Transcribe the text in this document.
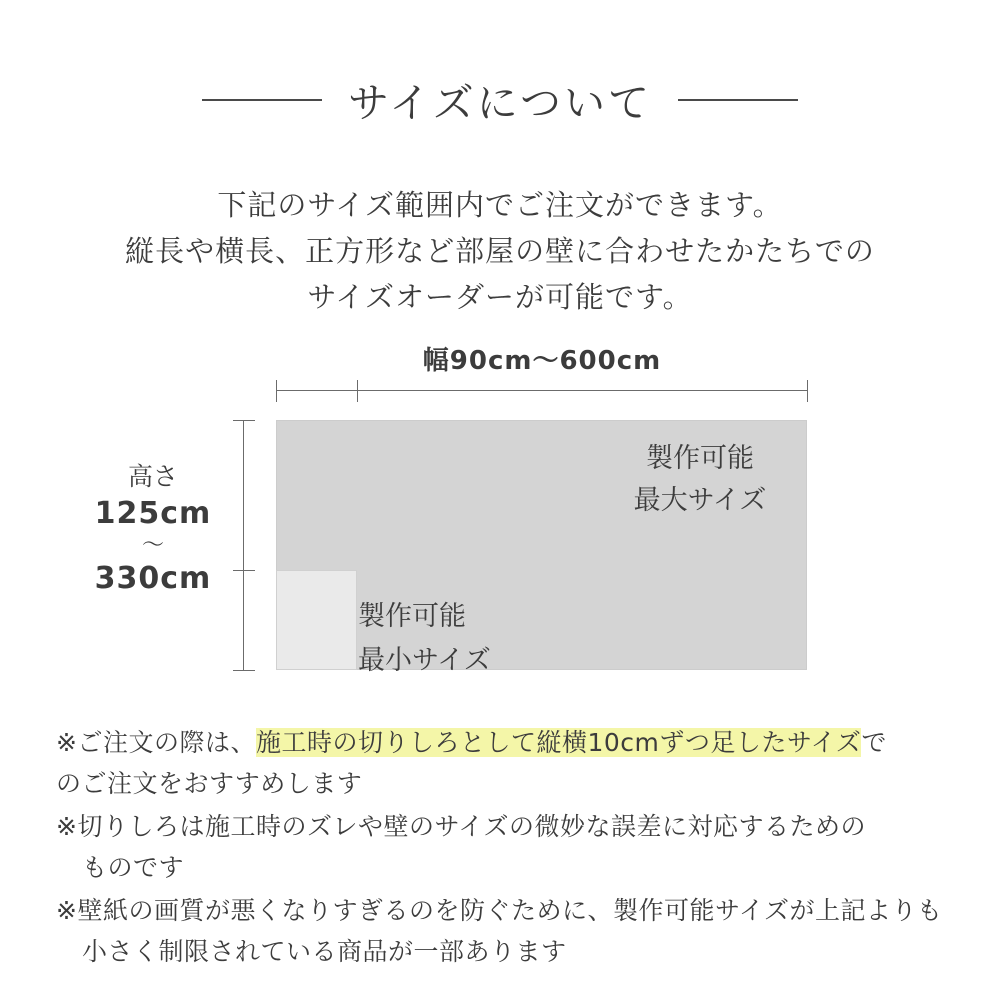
サイズについて
下記のサイズ範囲内でご注文ができます。
縦長や横長、正方形など部屋の壁に合わせたかたちでの
サイズオーダーが可能です。
幅90cm〜600cm
高さ
125cm
〜
330cm
製作可能
最大サイズ
製作可能
最小サイズ
※ご注文の際は、施工時の切りしろとして縦横10cmずつ足したサイズで
のご注文をおすすめします
※切りしろは施工時のズレや壁のサイズの微妙な誤差に対応するための
ものです
※壁紙の画質が悪くなりすぎるのを防ぐために、製作可能サイズが上記よりも
小さく制限されている商品が一部あります
